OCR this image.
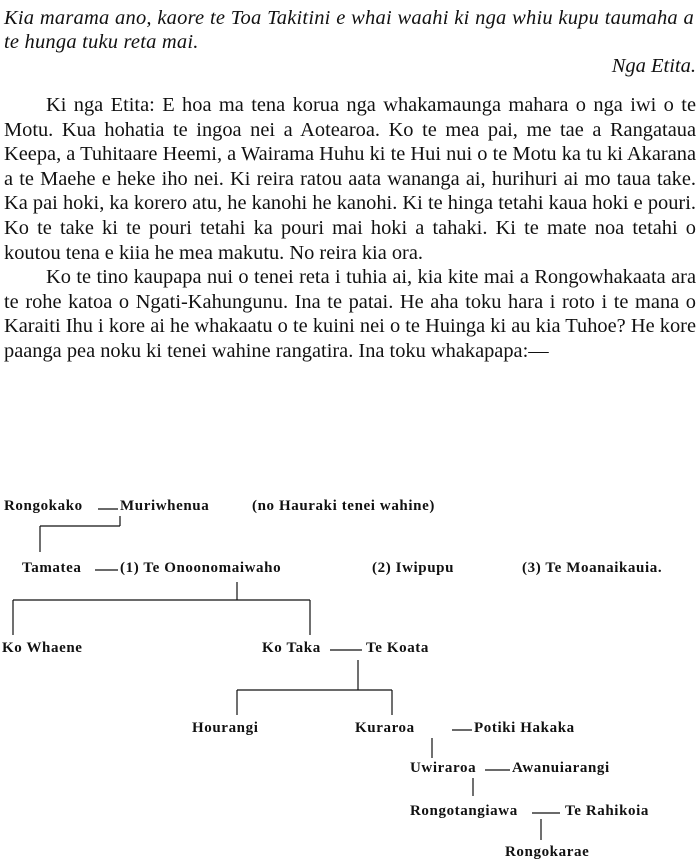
Kia marama ano, kaore te Toa Takitini e whai waahi ki nga whiu kupu taumaha a te hunga tuku reta mai.
Nga Etita.

Ki nga Etita: E hoa ma tena korua nga whakamaunga mahara o nga iwi o te Motu. Kua hohatia te ingoa nei a Aotearoa. Ko te mea pai, me tae a Rangataua Keepa, a Tuhitaare Heemi, a Wairama Huhu ki te Hui nui o te Motu ka tu ki Akarana a te Maehe e heke iho nei. Ki reira ratou aata wananga ai, hurihuri ai mo taua take. Ka pai hoki, ka korero atu, he kanohi he kanohi. Ki te hinga tetahi kaua hoki e pouri. Ko te take ki te pouri tetahi ka pouri mai hoki a tahaki. Ki te mate noa tetahi o koutou tena e kiia he mea makutu. No reira kia ora.

Ko te tino kaupapa nui o tenei reta i tuhia ai, kia kite mai a Rongowhakaata ara te rohe katoa o Ngati-Kahungunu. Ina te patai. He aha toku hara i roto i te mana o Karaiti Ihu i kore ai he whakaatu o te kuini nei o te Huinga ki au kia Tuhoe? He kore paanga pea noku ki tenei wahine rangatira. Ina toku whakapapa:—

Rongokako Muriwhenua	(no Hauraki tenei wahine)
Tamatea	(1) Te Onoonomaiwaho	(2) Iwipupu	(3) Te Moanaikauia.
Ko Whaene	Ko Taka	Te Koata
Hourangi	Kuraroa	Potiki Hakaka
Uwiraroa Awanuiarangi
Rongotangiawa	Te Rahikoia
Rongokarae
